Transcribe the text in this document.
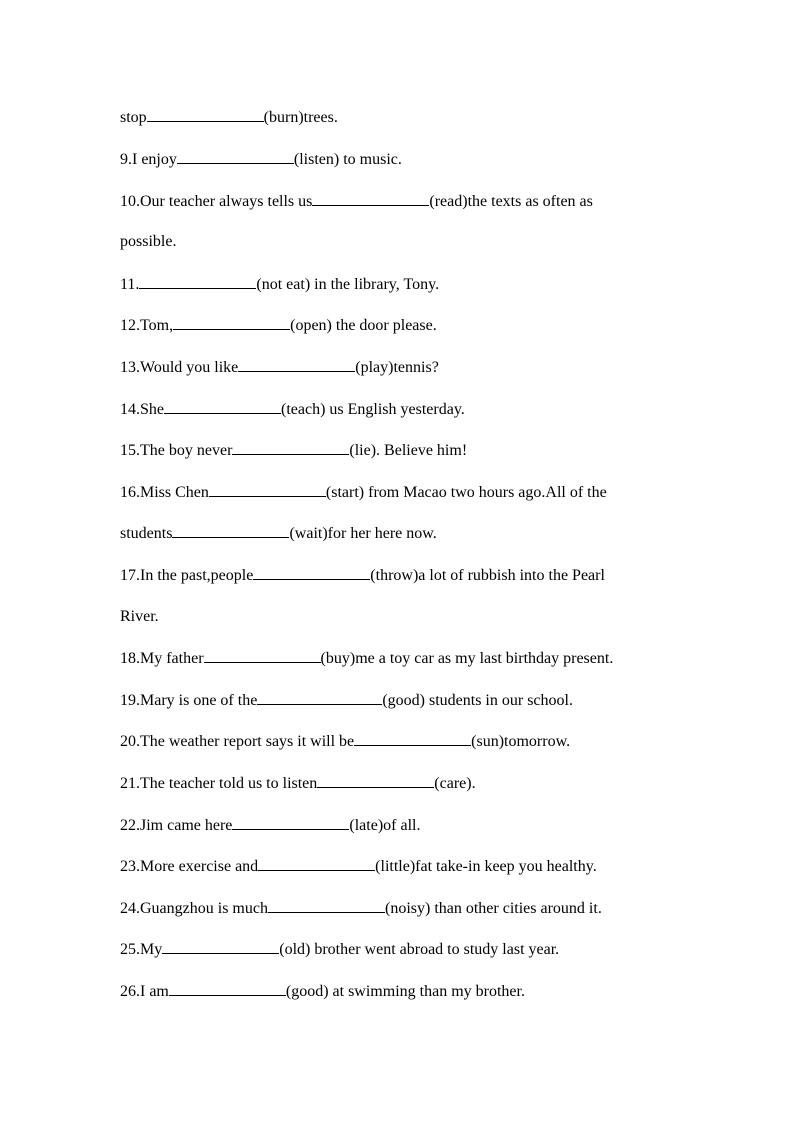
stop	(burn)trees.
9.I enjoy	(listen) to music.
10.Our teacher always tells us	(read)the texts as often as
possible.
11.	(not eat) in the library, Tony.
12.Tom,	(open) the door please.
13.Would you like	(play)tennis?
14.She	(teach) us English yesterday.
15.The boy never	(lie). Believe him!
16.Miss Chen	(start) from Macao two hours ago.All of the
students	(wait)for her here now.
17.In the past,people	(throw)a lot of rubbish into the Pearl
River.
18.My father	(buy)me a toy car as my last birthday present.
19.Mary is one of the	(good) students in our school.
20.The weather report says it will be	(sun)tomorrow.
21.The teacher told us to listen	(care).
22.Jim came here	(late)of all.
23.More exercise and	(little)fat take-in keep you healthy.
24.Guangzhou is much	(noisy) than other cities around it.
25.My	(old) brother went abroad to study last year.
26.I am	(good) at swimming than my brother.
